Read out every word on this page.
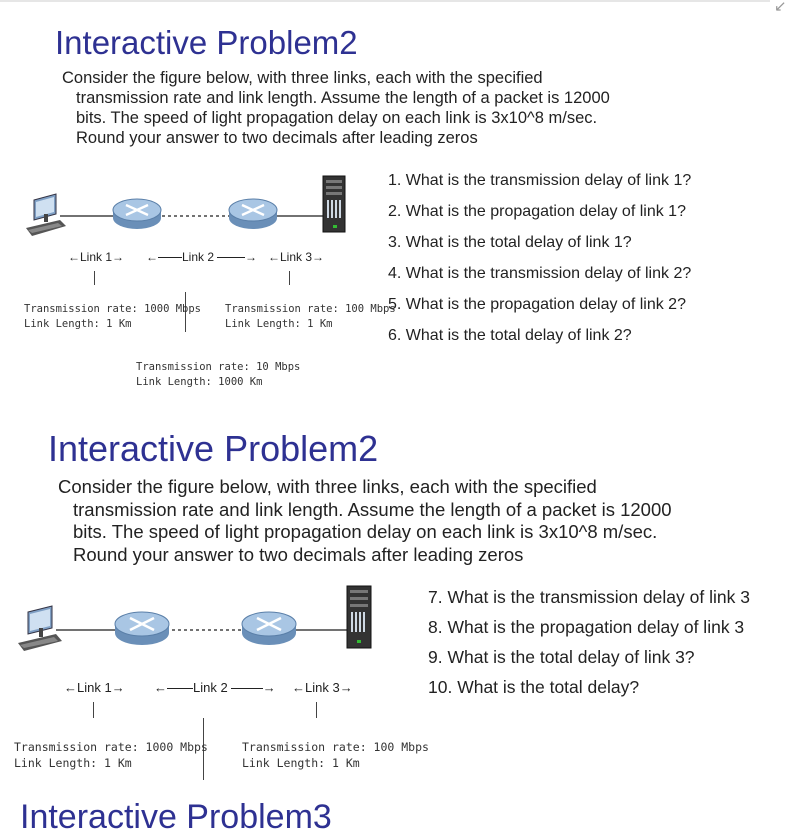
↙
Interactive Problem2
Consider the figure below, with three links, each with the specified
transmission rate and link length. Assume the length of a packet is 12000
bits. The speed of light propagation delay on each link is 3x10^8 m/sec.
Round your answer to two decimals after leading zeros
1. What is the transmission delay of link 1?
2. What is the propagation delay of link 1?
3. What is the total delay of link 1?
4. What is the transmission delay of link 2?
5. What is the propagation delay of link 2?
6. What is the total delay of link 2?
←Link 1→ ← Link 2	→ ←Link 3→
Transmission rate: 1000 Mbps
Link Length: 1 Km
Transmission rate: 100 Mbps
Link Length: 1 Km
Transmission rate: 10 Mbps
Link Length: 1000 Km
Interactive Problem2
Consider the figure below, with three links, each with the specified
transmission rate and link length. Assume the length of a packet is 12000
bits. The speed of light propagation delay on each link is 3x10^8 m/sec.
Round your answer to two decimals after leading zeros
7. What is the transmission delay of link 3
8. What is the propagation delay of link 3
9. What is the total delay of link 3?
10. What is the total delay?
←Link 1→ ← Link 2	→ ←Link 3→
Transmission rate: 1000 Mbps
Link Length: 1 Km
Transmission rate: 100 Mbps
Link Length: 1 Km
Interactive Problem3
